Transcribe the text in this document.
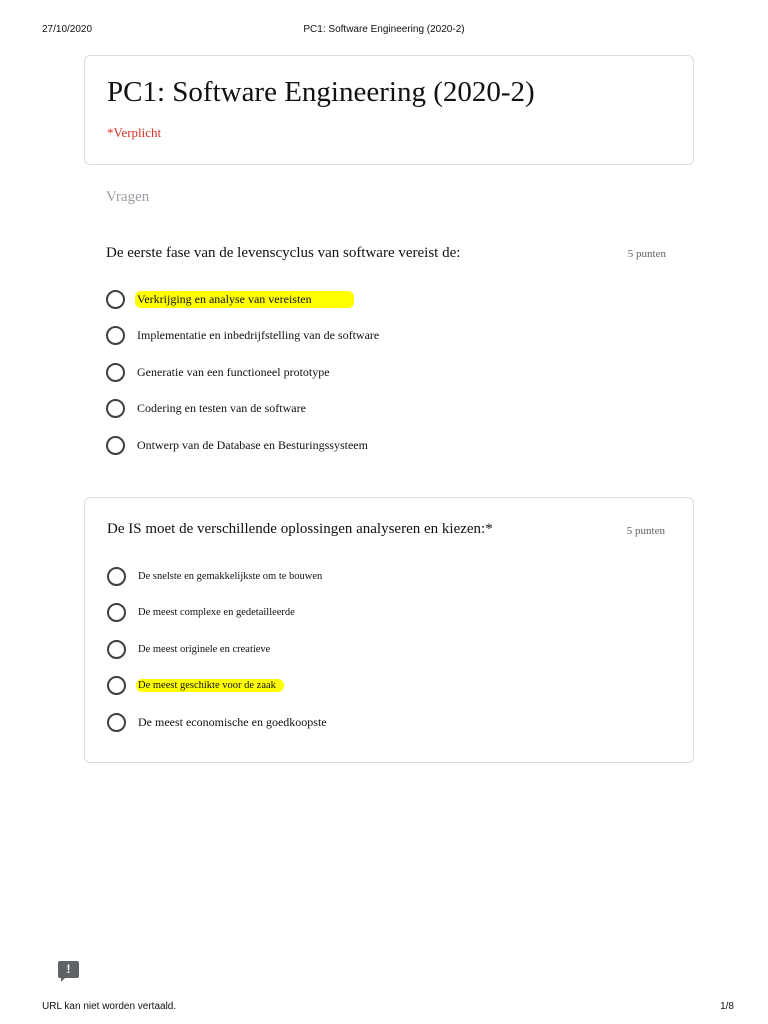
27/10/2020	PC1: Software Engineering (2020-2)
PC1: Software Engineering (2020-2)
*Verplicht
Vragen
De eerste fase van de levenscyclus van software vereist de:	5 punten
Verkrijging en analyse van vereisten
Implementatie en inbedrijfstelling van de software
Generatie van een functioneel prototype
Codering en testen van de software
Ontwerp van de Database en Besturingssysteem
De IS moet de verschillende oplossingen analyseren en kiezen:*	5 punten
De snelste en gemakkelijkste om te bouwen
De meest complexe en gedetailleerde
De meest originele en creatieve
De meest geschikte voor de zaak
De meest economische en goedkoopste
!
URL kan niet worden vertaald.	1/8
